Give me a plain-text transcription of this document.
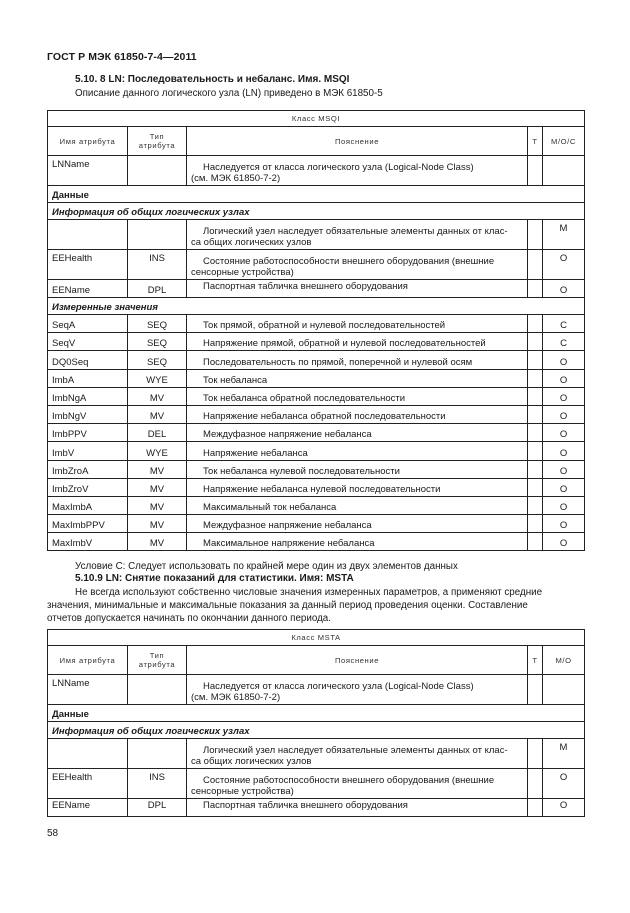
ГОСТ Р МЭК 61850-7-4—2011
5.10. 8 LN: Последовательность и небаланс. Имя. MSQI
Описание данного логического узла (LN) приведено в МЭК 61850-5
Класс MSQI				
Имя атрибута	Тип
атрибута	Пояснение	T	M/O/C
LNName		Наследуется от класса логического узла (Logical-Node Class)
(см. МЭК 61850-7-2)		

Данные				
Информация об общих логических узлах				

		Логический узел наследует обязательные элементы данных от клас-
са общих логических узлов		M
EEHealth	INS	Состояние работоспособности внешнего оборудования (внешние
сенсорные устройства)		O
EEName	DPL	Паспортная табличка внешнего оборудования		O
Измеренные значения				
SeqA	SEQ	Ток прямой, обратной и нулевой последовательностей		C
SeqV	SEQ	Напряжение прямой, обратной и нулевой последовательностей		C
DQ0Seq	SEQ	Последовательность по прямой, поперечной и нулевой осям		O
ImbA	WYE	Ток небаланса		O
ImbNgA	MV	Ток небаланса обратной последовательности		O
ImbNgV	MV	Напряжение небаланса обратной последовательности		O
ImbPPV	DEL	Междуфазное напряжение небаланса		O
ImbV	WYE	Напряжение небаланса		O
ImbZroA	MV	Ток небаланса нулевой последовательности		O
ImbZroV	MV	Напряжение небаланса нулевой последовательности		O
MaxImbA	MV	Максимальный ток небаланса		O
MaxImbPPV	MV	Междуфазное напряжение небаланса		O
MaxImbV	MV	Максимальное напряжение небаланса		O
Условие С: Следует использовать по крайней мере один из двух элементов данных
5.10.9 LN: Снятие показаний для статистики. Имя: MSTA
Не всегда используют собственно числовые значения измеренных параметров, а применяют средние
значения, минимальные и максимальные показания за данный период проведения оценки. Составление
отчетов допускается начинать по окончании данного периода.
Класс MSTA				
Имя атрибута	Тип
атрибута	Пояснение	T	M/O
LNName		Наследуется от класса логического узла (Logical-Node Class)
(см. МЭК 61850-7-2)		

Данные				
Информация об общих логических узлах				

		Логический узел наследует обязательные элементы данных от клас-
са общих логических узлов		M
EEHealth	INS	Состояние работоспособности внешнего оборудования (внешние
сенсорные устройства)		O
EEName	DPL	Паспортная табличка внешнего оборудования		O
58
